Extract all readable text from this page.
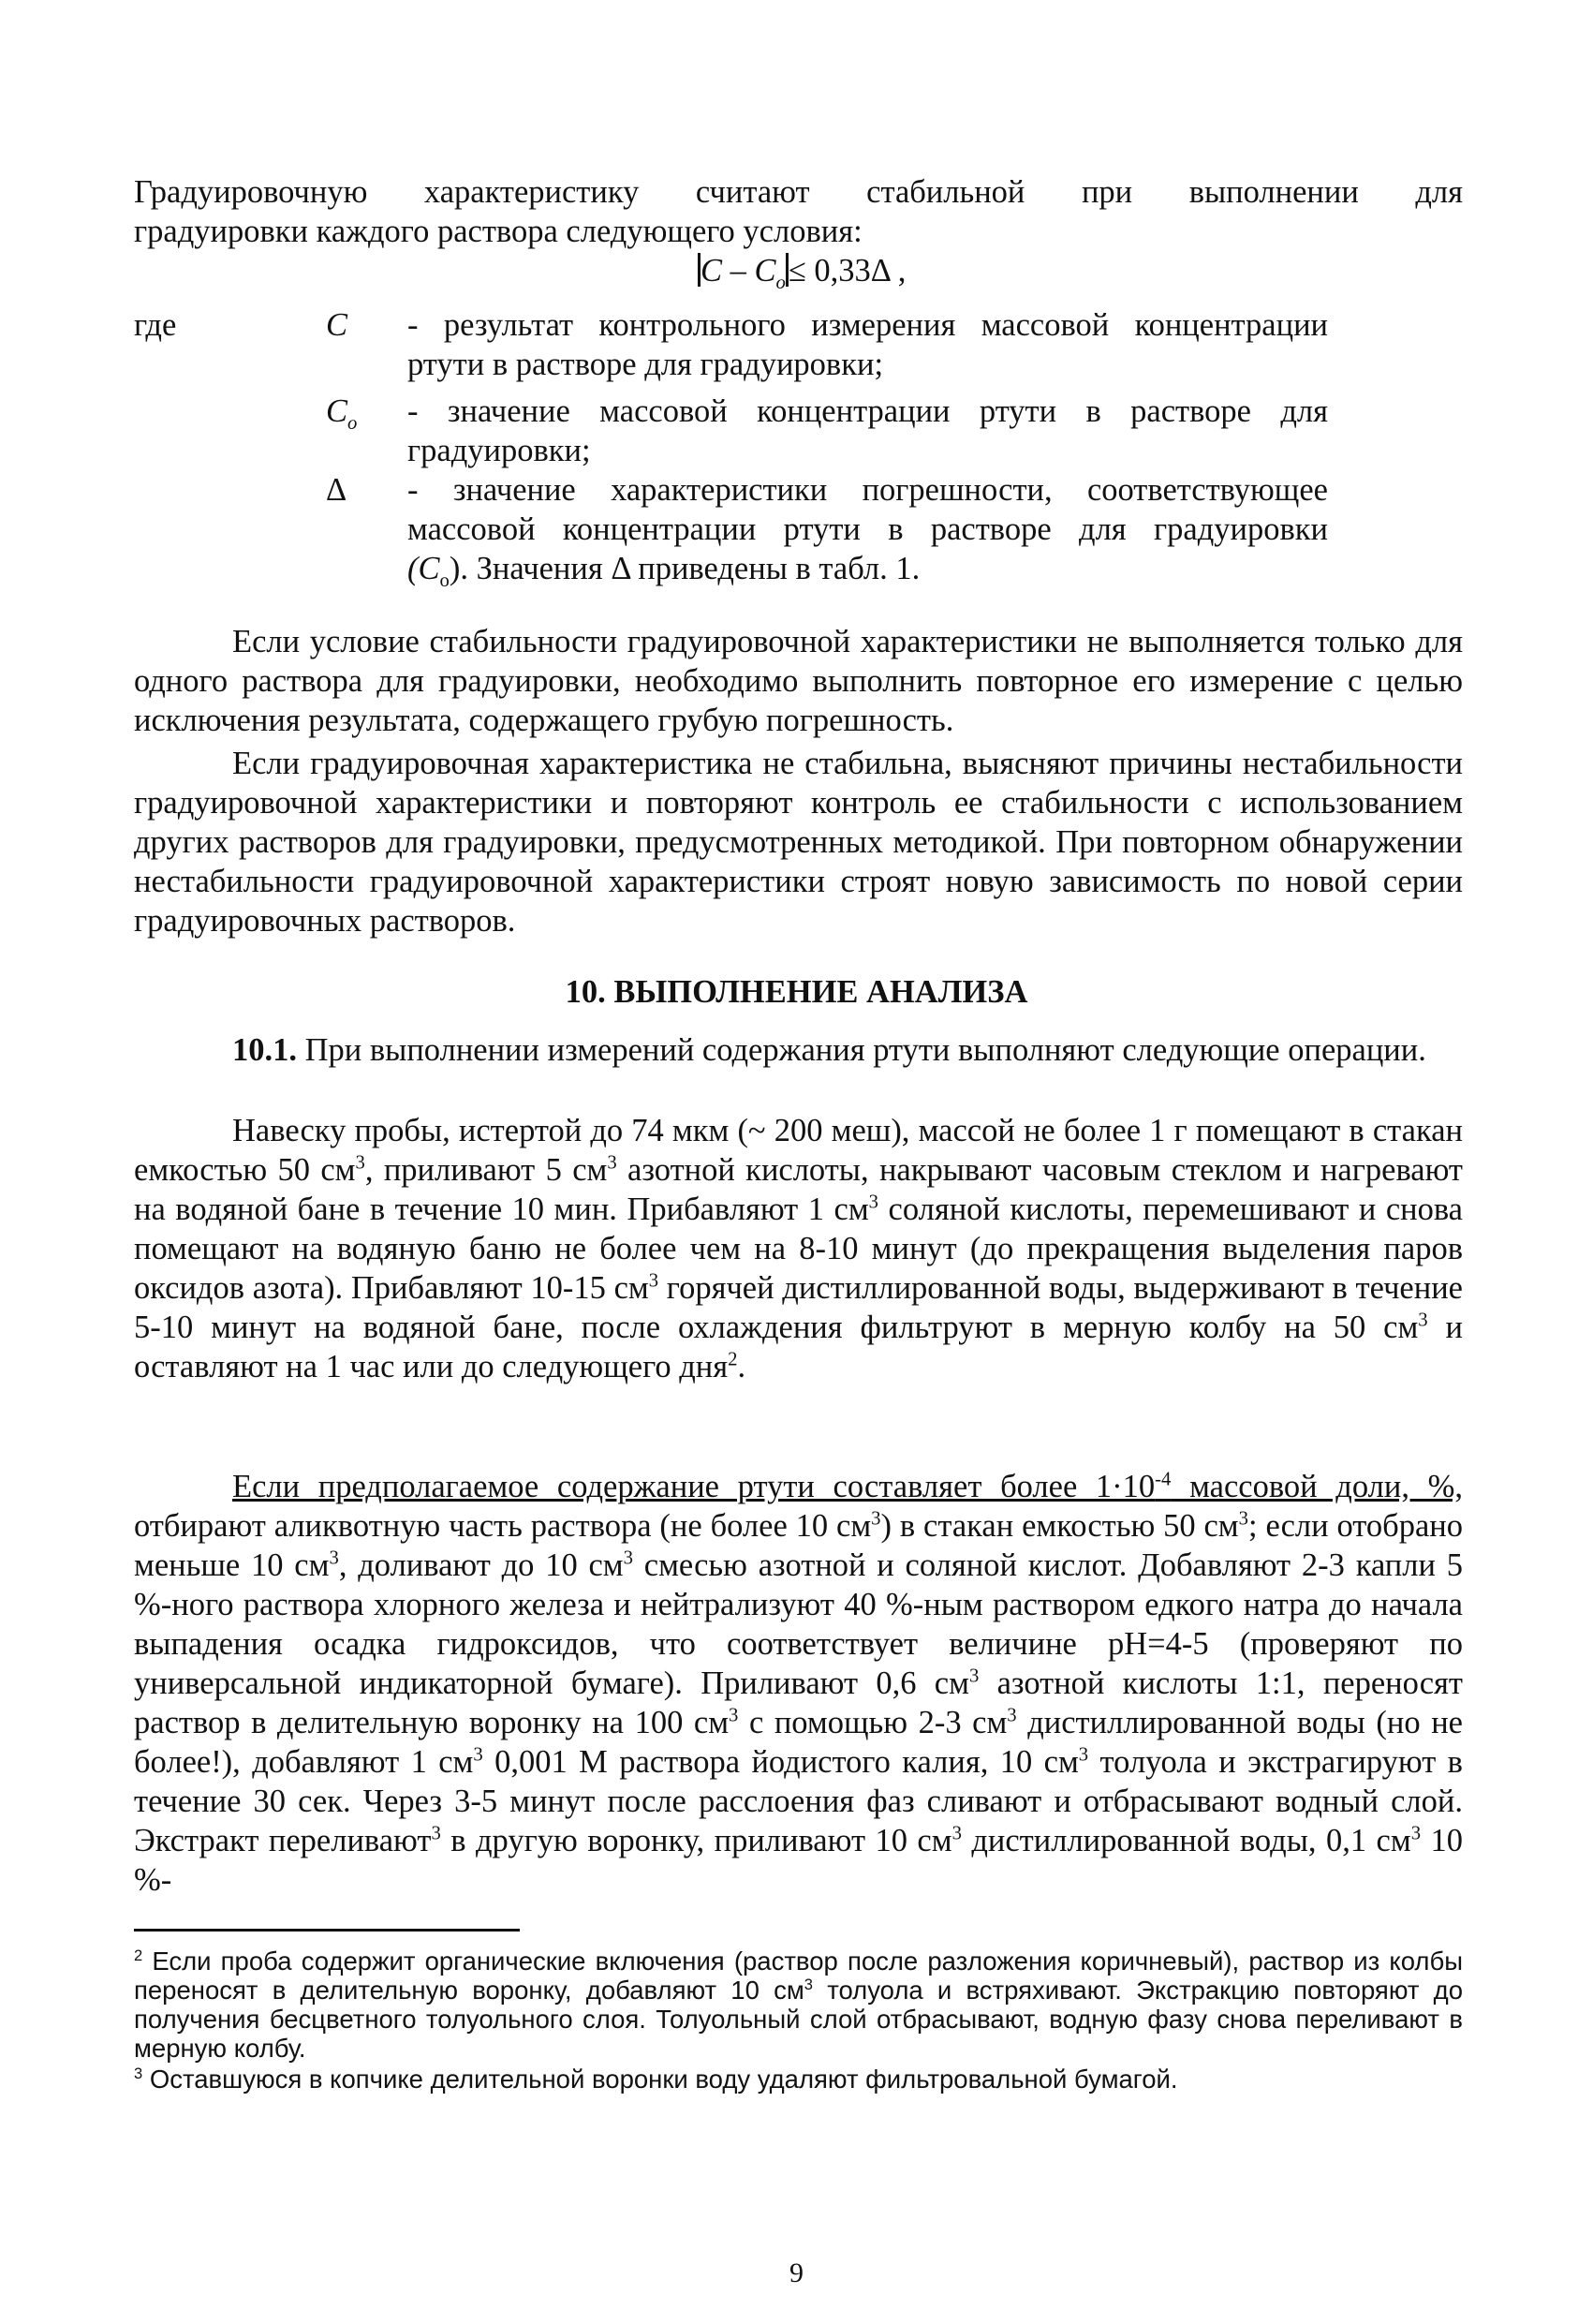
Градуировочную характеристику считают стабильной при выполнении для

градуировки каждого раствора следующего условия:

$C - C_o\le 0,33\Delta$ ,
где	C - результат контрольного измерения массовой концентрации
ртути в растворе для градуировки;
$C_o$ - значение массовой концентрации ртути в растворе для
градуировки;
Δ - значение характеристики погрешности, соответствующее
массовой концентрации ртути в растворе для градуировки
$(C_o)$. Значения Δ приведены в табл. 1.

Если условие стабильности градуировочной характеристики не выполняется только для одного раствора для градуировки, необходимо выполнить повторное его измерение с целью исключения результата, содержащего грубую погрешность.

Если градуировочная характеристика не стабильна, выясняют причины нестабильности градуировочной характеристики и повторяют контроль ее стабильности с использованием других растворов для градуировки, предусмотренных методикой. При повторном обнаружении нестабильности градуировочной характеристики строят новую зависимость по новой серии градуировочных растворов.

10. ВЫПОЛНЕНИЕ АНАЛИЗА

10.1. При выполнении измерений содержания ртути выполняют следующие операции.

Навеску пробы, истертой до 74 мкм (~ 200 меш), массой не более 1 г помещают в стакан емкостью 50 $см^3$, приливают 5 $см^3$ азотной кислоты, накрывают часовым стеклом и нагревают на водяной бане в течение 10 мин. Прибавляют 1 $см^3$ соляной кислоты, перемешивают и снова помещают на водяную баню не более чем на 8-10 минут (до прекращения выделения паров оксидов азота). Прибавляют 10-15 $см^3$ горячей дистиллированной воды, выдерживают в течение 5-10 минут на водяной бане, после охлаждения фильтруют в мерную колбу на 50 $см^3$ и оставляют на 1 час или до следующего дня$^2$.

Если предполагаемое содержание ртути составляет более $1\cdot 10^{-4}$ массовой доли, %, отбирают аликвотную часть раствора (не более 10 $см^3$) в стакан емкостью 50 $см^3$; если отобрано меньше 10 $см^3$, доливают до 10 $см^3$ смесью азотной и соляной кислот. Добавляют 2-3 капли 5 %-ного раствора хлорного железа и нейтрализуют 40 %-ным раствором едкого натра до начала выпадения осадка гидроксидов, что соответствует величине pH=4-5 (проверяют по универсальной индикаторной бумаге). Приливают 0,6 $см^3$ азотной кислоты 1:1, переносят раствор в делительную воронку на 100 $см^3$ с помощью 2-3 $см^3$ дистиллированной воды (но не более!), добавляют 1 $см^3$ 0,001 М раствора йодистого калия, 10 $см^3$ толуола и экстрагируют в течение 30 сек. Через 3-5 минут после расслоения фаз сливают и отбрасывают водный слой. Экстракт переливают$^3$ в другую воронку, приливают 10 $см^3$ дистиллированной воды, 0,1 $см^3$ 10 %-

$^2$ Если проба содержит органические включения (раствор после разложения коричневый), раствор из колбы переносят в делительную воронку, добавляют 10 $см^3$ толуола и встряхивают. Экстракцию повторяют до получения бесцветного толуольного слоя. Толуольный слой отбрасывают, водную фазу снова переливают в мерную колбу.

$^3$ Оставшуюся в копчике делительной воронки воду удаляют фильтровальной бумагой.

9
